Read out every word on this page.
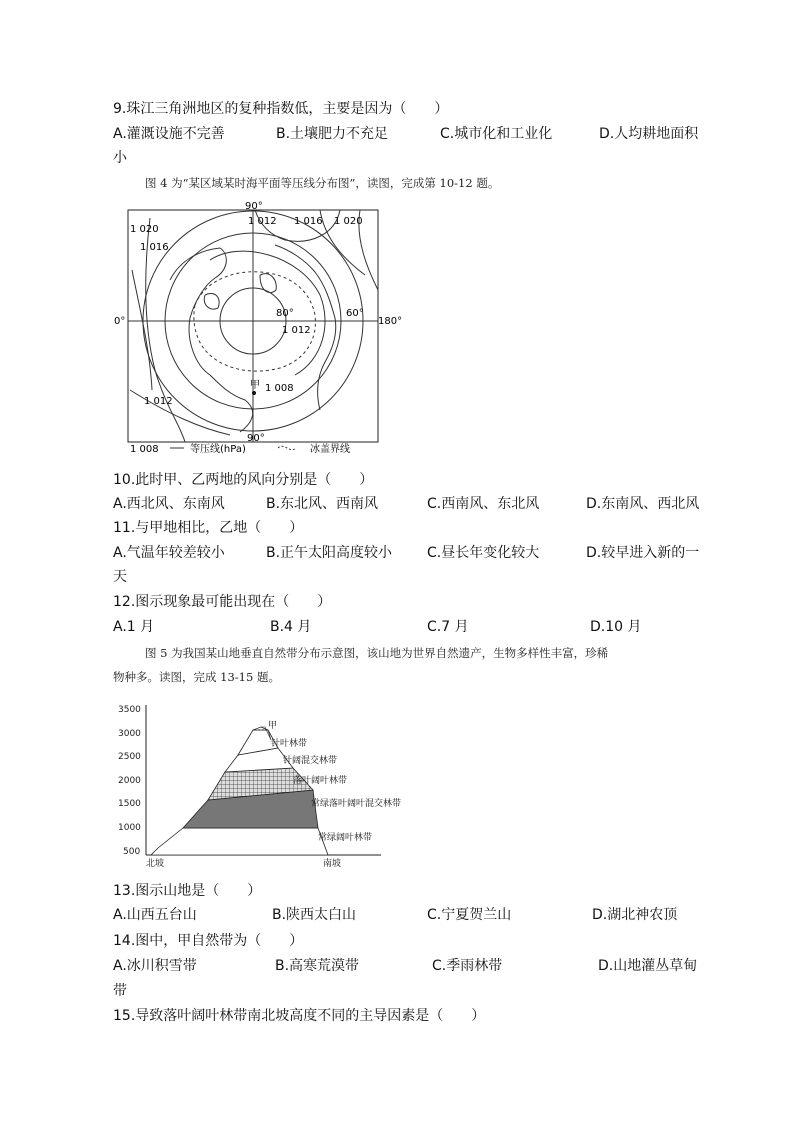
9.珠江三角洲地区的复种指数低，主要是因为（　　）
A.灌溉设施不完善	B.土壤肥力不充足	C.城市化和工业化	D.人均耕地面积
小
图 4 为“某区域某时海平面等压线分布图”，读图，完成第 10-12 题。
90°
90°
0°	180°
80°	60°
1 012 1 016
1 020
1 020
1 016
1 012
1 012
1 008
1 008
甲
等压线(hPa)	冰盖界线
10.此时甲、乙两地的风向分别是（　　）
A.西北风、东南风	B.东北风、西南风	C.西南风、东北风	D.东南风、西北风
11.与甲地相比，乙地（　　）
A.气温年较差较小	B.正午太阳高度较小 C.昼长年变化较大	D.较早进入新的一
天
12.图示现象最可能出现在（　　）
A.1 月	B.4 月	C.7 月	D.10 月
图 5 为我国某山地垂直自然带分布示意图，该山地为世界自然遗产，生物多样性丰富，珍稀
物种多。读图，完成 13-15 题。
3500
3000
2500
2000
1500
1000
500
甲
针叶林带
针阔混交林带
落叶阔叶林带
常绿落叶阔叶混交林带
常绿阔叶林带
北坡	南坡
13.图示山地是（　　）
A.山西五台山	B.陕西太白山	C.宁夏贺兰山	D.湖北神农顶
14.图中，甲自然带为（　　）
A.冰川积雪带	B.高寒荒漠带	C.季雨林带	D.山地灌丛草甸
带
15.导致落叶阔叶林带南北坡高度不同的主导因素是（　　）
